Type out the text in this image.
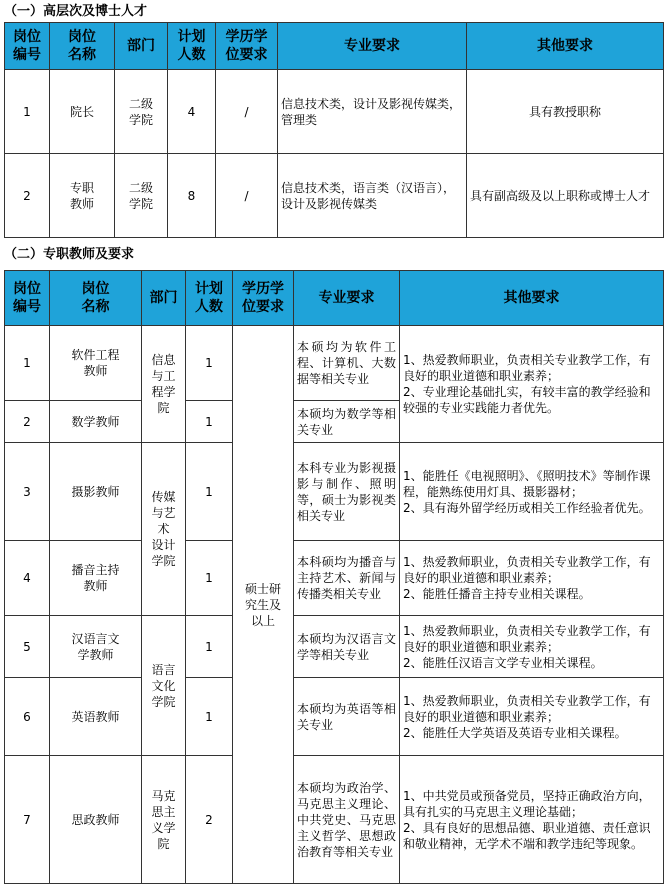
（一）高层次及博士人才
岗位
编号	岗位
名称	部门	计划
人数	学历学
位要求	专业要求	其他要求
1	院长	二级
学院	4	/	信息技术类，设计及影视传媒类，管理类	具有教授职称
2	专职
教师	二级
学院	8	/	信息技术类，语言类（汉语言），设计及影视传媒类	具有副高级及以上职称或博士人才
（二）专职教师及要求
岗位
编号	岗位
名称	部门	计划
人数	学历学
位要求	专业要求	其他要求
1	软件工程
教师	信息
与工
程学
院	1	硕士研
究生及
以上	本硕均为软件工程、计算机、大数据等相关专业	1、热爱教师职业，负责相关专业教学工作，有良好的职业道德和职业素养；
2、专业理论基础扎实，有较丰富的教学经验和较强的专业实践能力者优先。
2	数学教师		1		本硕均为数学等相关专业	
3	摄影教师	传媒
与艺
术
设计
学院	1		本科专业为影视摄影与制作、照明等，硕士为影视类相关专业	1、能胜任《电视照明》、《照明技术》等制作课程，能熟练使用灯具、摄影器材；
2、具有海外留学经历或相关工作经验者优先。
4	播音主持
教师		1		本科硕均为播音与主持艺术、新闻与传播类相关专业	1、热爱教师职业，负责相关专业教学工作，有良好的职业道德和职业素养；
2、能胜任播音主持专业相关课程。
5	汉语言文
学教师	语言
文化
学院	1		本硕均为汉语言文学等相关专业	1、热爱教师职业，负责相关专业教学工作，有良好的职业道德和职业素养；
2、能胜任汉语言文学专业相关课程。
6	英语教师		1		本硕均为英语等相关专业	1、热爱教师职业，负责相关专业教学工作，有良好的职业道德和职业素养；
2、能胜任大学英语及英语专业相关课程。
7	思政教师	马克
思主
义学
院	2		本硕均为政治学、马克思主义理论、中共党史、马克思主义哲学、思想政治教育等相关专业	1、中共党员或预备党员，坚持正确政治方向，具有扎实的马克思主义理论基础；
2、具有良好的思想品德、职业道德、责任意识和敬业精神，无学术不端和教学违纪等现象。
